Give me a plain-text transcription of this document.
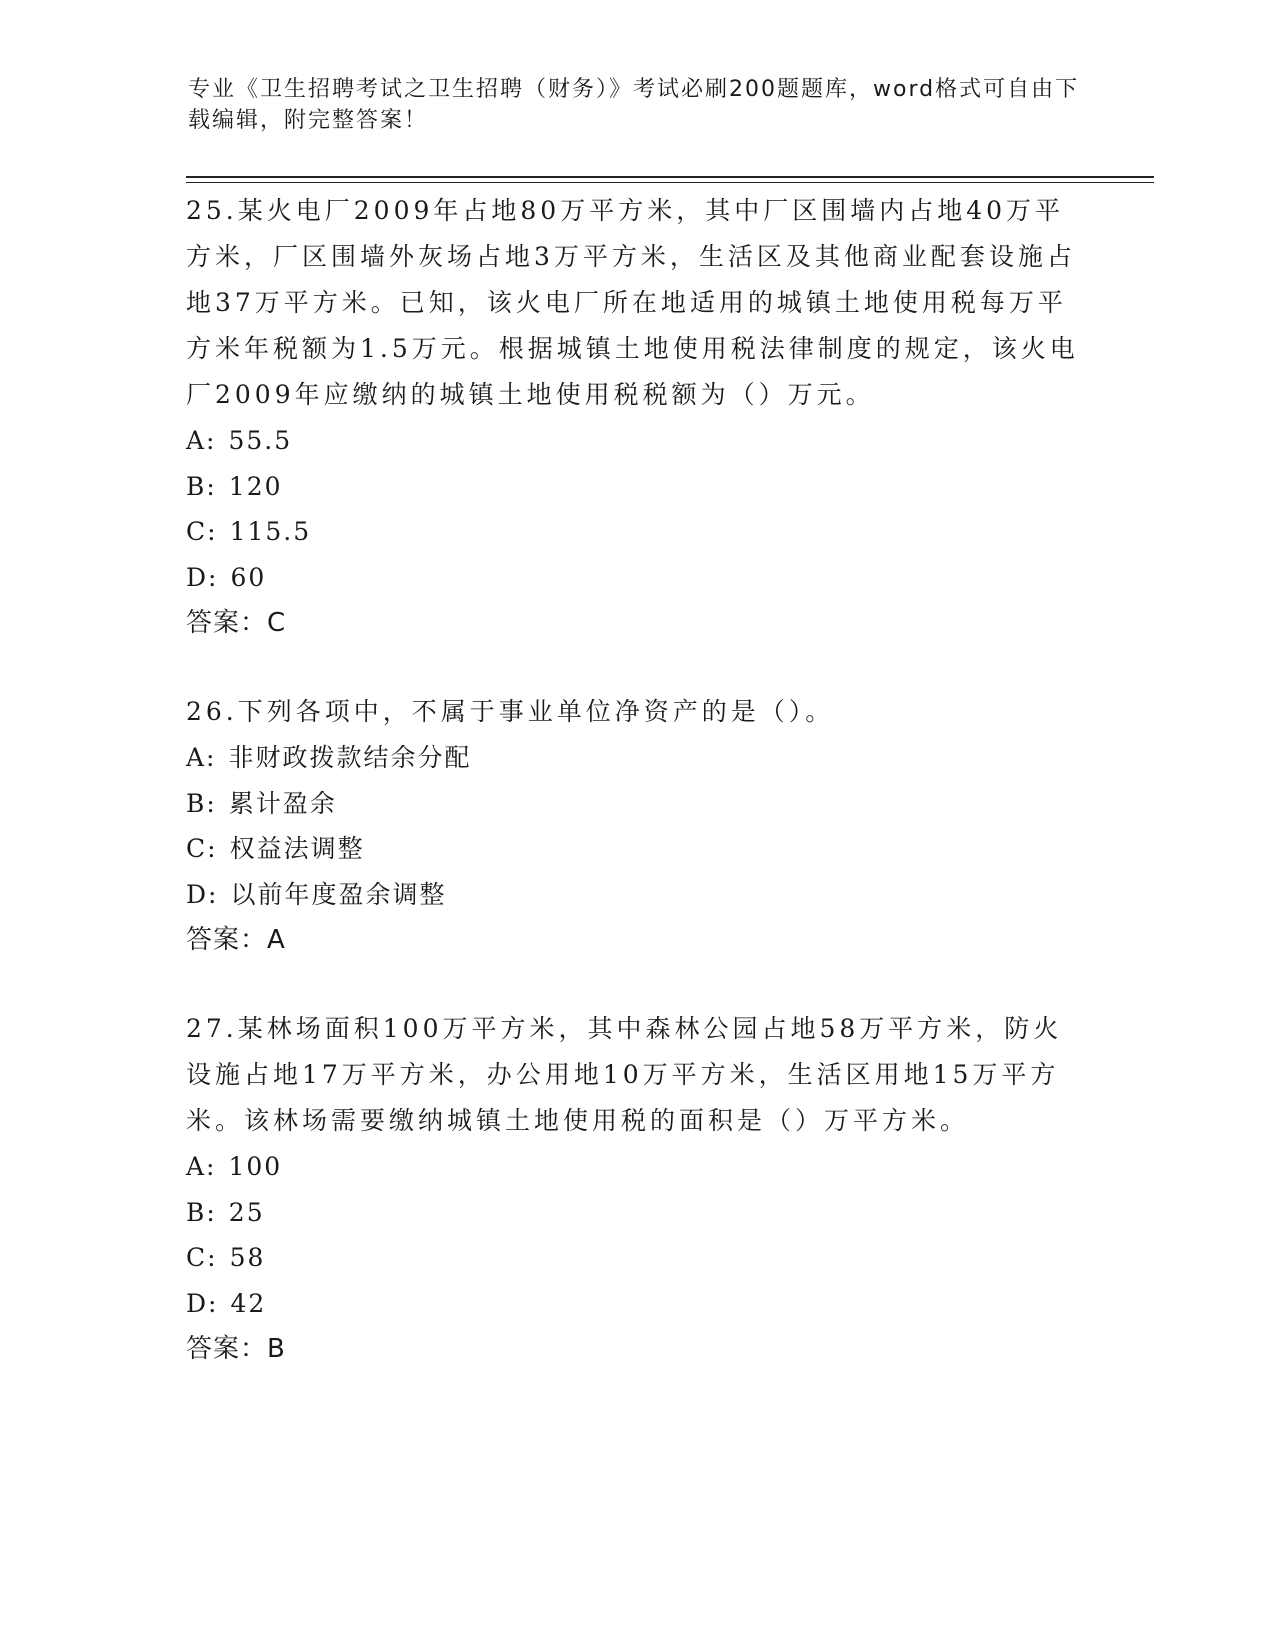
专业《卫生招聘考试之卫生招聘（财务）》考试必刷200题题库，word格式可自由下载编辑，附完整答案！
25.某火电厂2009年占地80万平方米，其中厂区围墙内占地40万平方米，厂区围墙外灰场占地3万平方米，生活区及其他商业配套设施占地37万平方米。已知，该火电厂所在地适用的城镇土地使用税每万平方米年税额为1.5万元。根据城镇土地使用税法律制度的规定，该火电厂2009年应缴纳的城镇土地使用税税额为（）万元。
A: 55.5
B: 120
C: 115.5
D: 60
答案：C
26.下列各项中，不属于事业单位净资产的是（）。
A: 非财政拨款结余分配
B: 累计盈余
C: 权益法调整
D: 以前年度盈余调整
答案：A
27.某林场面积100万平方米，其中森林公园占地58万平方米，防火设施占地17万平方米，办公用地10万平方米，生活区用地15万平方米。该林场需要缴纳城镇土地使用税的面积是（）万平方米。
A: 100
B: 25
C: 58
D: 42
答案：B
